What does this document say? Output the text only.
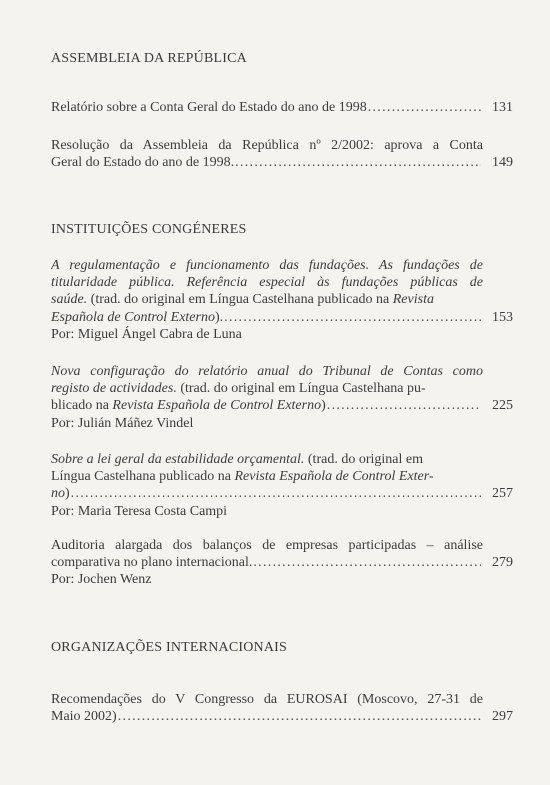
ASSEMBLEIA DA REPÚBLICA
Relatório sobre a Conta Geral do Estado do ano de 1998 .....	131
Resolução da Assembleia da República nº 2/2002: aprova a Conta
Geral do Estado do ano de 1998. .....	149
INSTITUIÇÕES CONGÉNERES
A regulamentação e funcionamento das fundações. As fundações de
titularidade pública. Referência especial às fundações públicas de
saúde. (trad. do original em Língua Castelhana publicado na Revista
Española de Control Externo). .....	153
Por: Miguel Ángel Cabra de Luna
Nova configuração do relatório anual do Tribunal de Contas como
registo de actividades. (trad. do original em Língua Castelhana pu-
blicado na Revista Española de Control Externo) .....	225
Por: Julián Máñez Vindel
Sobre a lei geral da estabilidade orçamental. (trad. do original em
Língua Castelhana publicado na Revista Española de Control Exter-
no) .....	257
Por: Maria Teresa Costa Campi
Auditoria alargada dos balanços de empresas participadas – análise
comparativa no plano internacional. .....	279
Por: Jochen Wenz
ORGANIZAÇÕES INTERNACIONAIS
Recomendações do V Congresso da EUROSAI (Moscovo, 27-31 de
Maio 2002) .....	297
